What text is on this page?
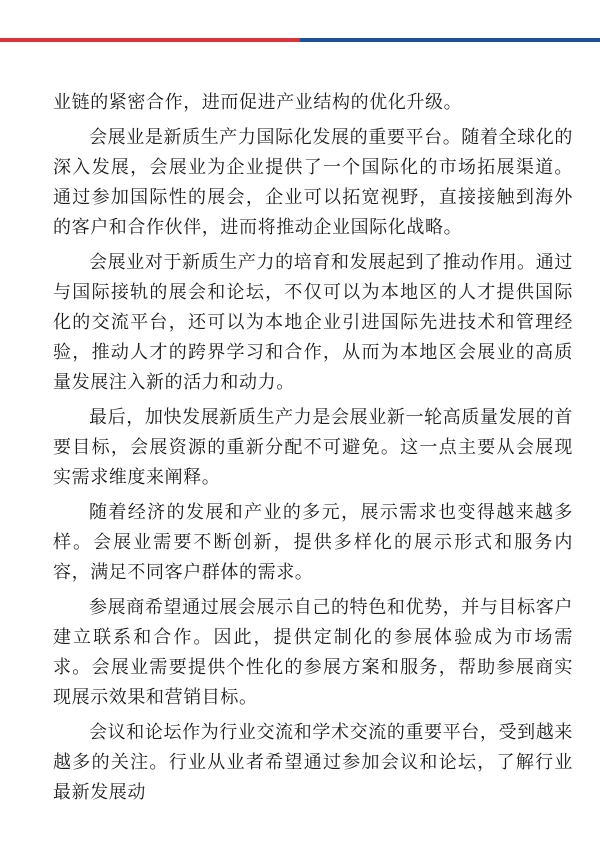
业链的紧密合作，进而促进产业结构的优化升级。

会展业是新质生产力国际化发展的重要平台。随着全球化的深入发展，会展业为企业提供了一个国际化的市场拓展渠道。通过参加国际性的展会，企业可以拓宽视野，直接接触到海外的客户和合作伙伴，进而将推动企业国际化战略。

会展业对于新质生产力的培育和发展起到了推动作用。通过与国际接轨的展会和论坛，不仅可以为本地区的人才提供国际化的交流平台，还可以为本地企业引进国际先进技术和管理经验，推动人才的跨界学习和合作，从而为本地区会展业的高质量发展注入新的活力和动力。

最后，加快发展新质生产力是会展业新一轮高质量发展的首要目标，会展资源的重新分配不可避免。这一点主要从会展现实需求维度来阐释。

随着经济的发展和产业的多元，展示需求也变得越来越多样。会展业需要不断创新，提供多样化的展示形式和服务内容，满足不同客户群体的需求。

参展商希望通过展会展示自己的特色和优势，并与目标客户建立联系和合作。因此，提供定制化的参展体验成为市场需求。会展业需要提供个性化的参展方案和服务，帮助参展商实现展示效果和营销目标。

会议和论坛作为行业交流和学术交流的重要平台，受到越来越多的关注。行业从业者希望通过参加会议和论坛，了解行业最新发展动
